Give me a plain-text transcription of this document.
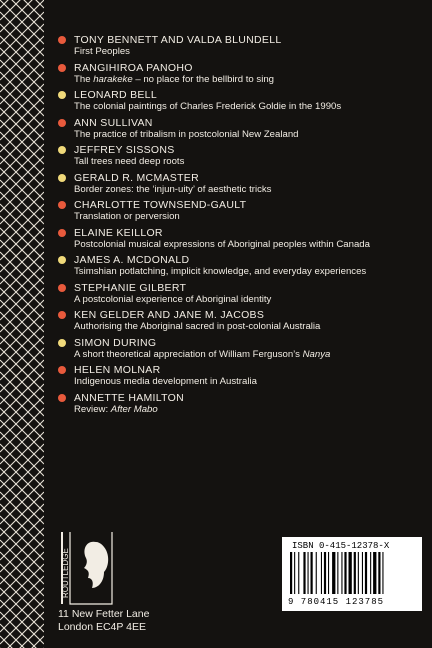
TONY BENNETT AND VALDA BLUNDELL
First Peoples
RANGIHIROA PANOHO
The harakeke – no place for the bellbird to sing
LEONARD BELL
The colonial paintings of Charles Frederick Goldie in the 1990s
ANN SULLIVAN
The practice of tribalism in postcolonial New Zealand
JEFFREY SISSONS
Tall trees need deep roots
GERALD R. MCMASTER
Border zones: the ‘injun-uity’ of aesthetic tricks
CHARLOTTE TOWNSEND-GAULT
Translation or perversion
ELAINE KEILLOR
Postcolonial musical expressions of Aboriginal peoples within Canada
JAMES A. MCDONALD
Tsimshian potlatching, implicit knowledge, and everyday experiences
STEPHANIE GILBERT
A postcolonial experience of Aboriginal identity
KEN GELDER AND JANE M. JACOBS
Authorising the Aboriginal sacred in post-colonial Australia
SIMON DURING
A short theoretical appreciation of William Ferguson’s Nanya
HELEN MOLNAR
Indigenous media development in Australia
ANNETTE HAMILTON
Review: After Mabo
ROUTLEDGE
11 New Fetter Lane
London EC4P 4EE
ISBN 0-415-12378-X
9 780415 123785
